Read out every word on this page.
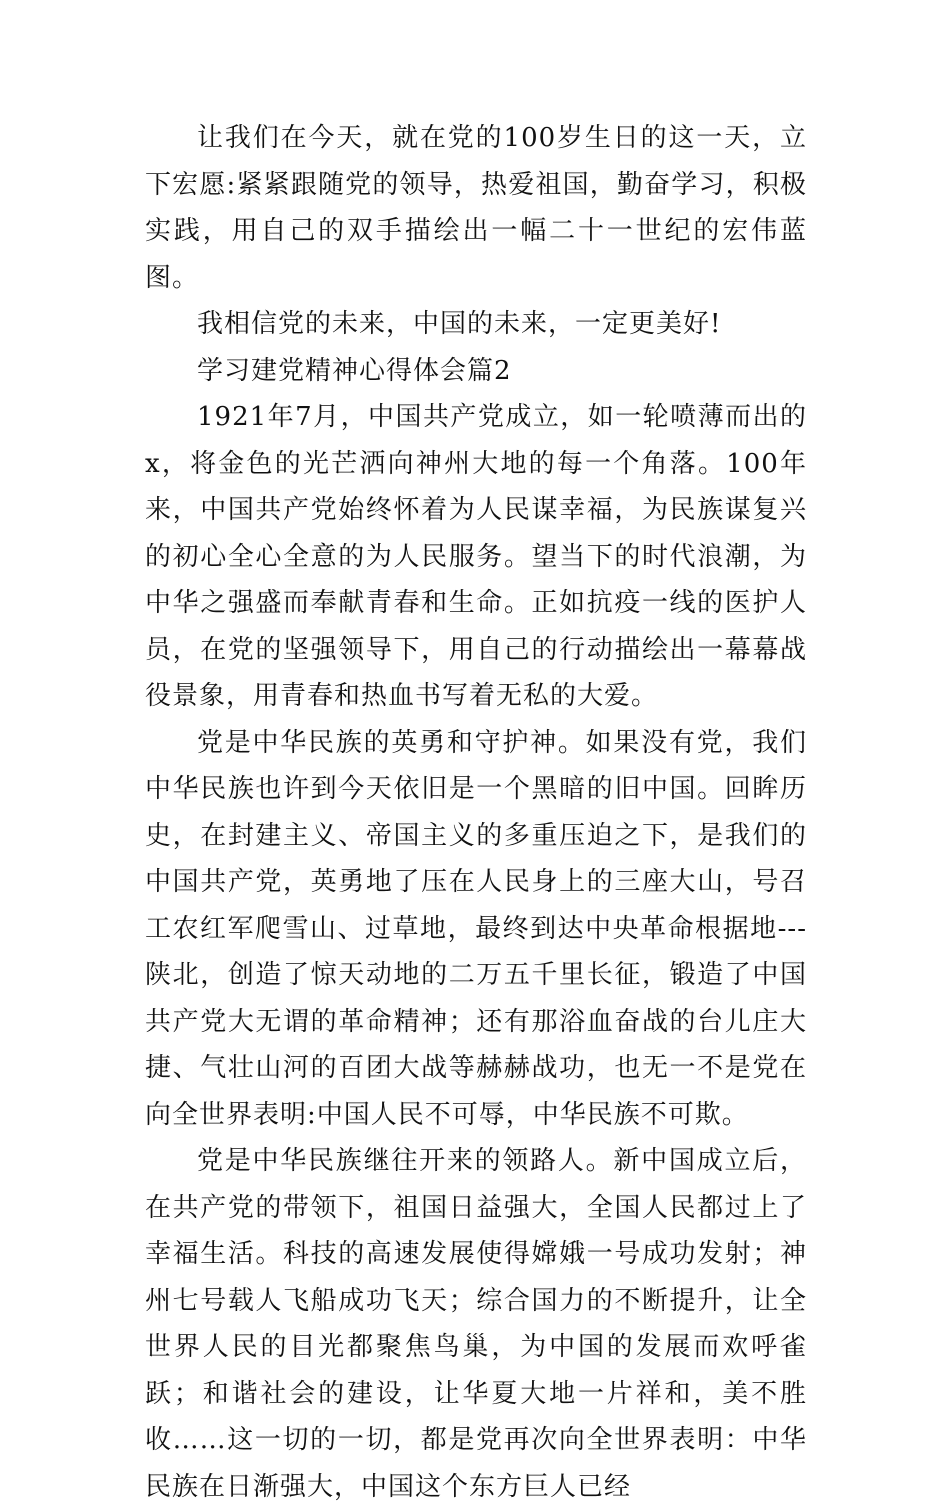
让我们在今天，就在党的100岁生日的这一天，立下宏愿:紧紧跟随党的领导，热爱祖国，勤奋学习，积极实践，用自己的双手描绘出一幅二十一世纪的宏伟蓝图。

我相信党的未来，中国的未来，一定更美好!

学习建党精神心得体会篇2

1921年7月，中国共产党成立，如一轮喷薄而出的x，将金色的光芒洒向神州大地的每一个角落。100年来，中国共产党始终怀着为人民谋幸福，为民族谋复兴的初心全心全意的为人民服务。望当下的时代浪潮，为中华之强盛而奉献青春和生命。正如抗疫一线的医护人员，在党的坚强领导下，用自己的行动描绘出一幕幕战役景象，用青春和热血书写着无私的大爱。

党是中华民族的英勇和守护神。如果没有党，我们中华民族也许到今天依旧是一个黑暗的旧中国。回眸历史，在封建主义、帝国主义的多重压迫之下，是我们的中国共产党，英勇地了压在人民身上的三座大山，号召工农红军爬雪山、过草地，最终到达中央革命根据地---陕北，创造了惊天动地的二万五千里长征，锻造了中国共产党大无谓的革命精神；还有那浴血奋战的台儿庄大捷、气壮山河的百团大战等赫赫战功，也无一不是党在向全世界表明:中国人民不可辱，中华民族不可欺。

党是中华民族继往开来的领路人。新中国成立后，在共产党的带领下，祖国日益强大，全国人民都过上了幸福生活。科技的高速发展使得嫦娥一号成功发射；神州七号载人飞船成功飞天；综合国力的不断提升，让全世界人民的目光都聚焦鸟巢，为中国的发展而欢呼雀跃；和谐社会的建设，让华夏大地一片祥和，美不胜收……这一切的一切，都是党再次向全世界表明：中华民族在日渐强大，中国这个东方巨人已经
